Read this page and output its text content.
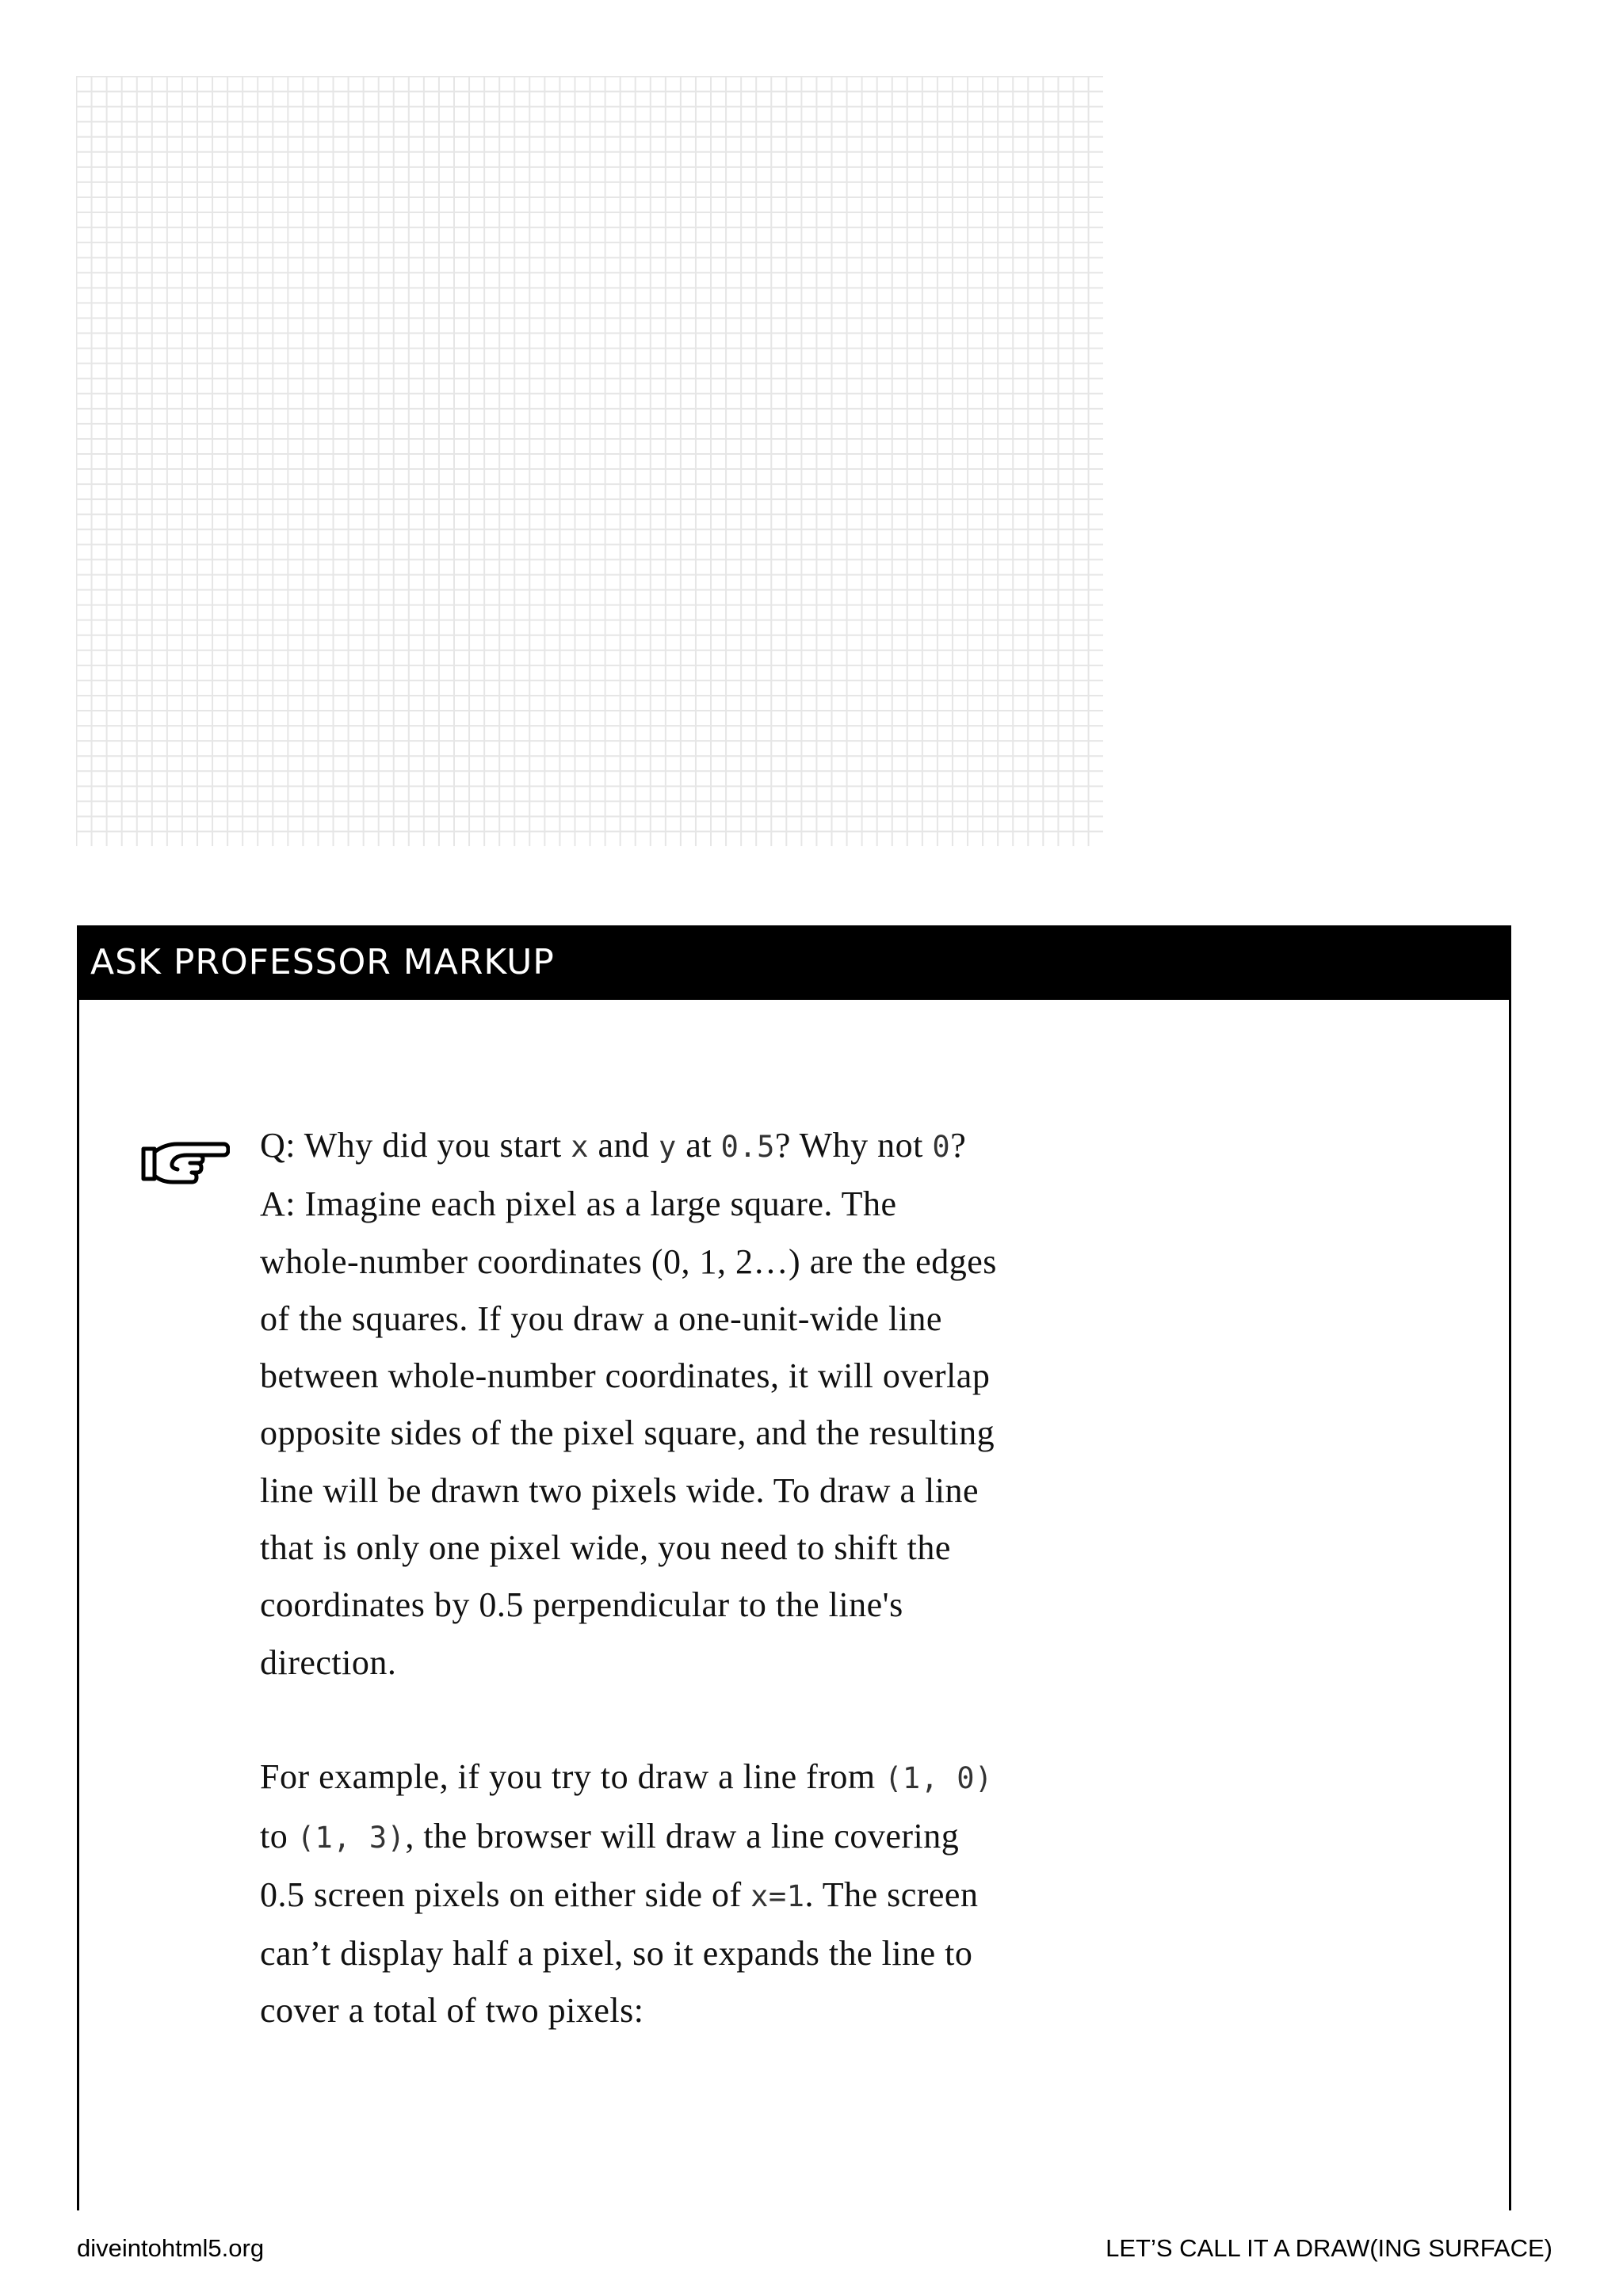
ASK PROFESSOR MARKUP

Q: Why did you start x and y at 0.5? Why not 0?

A: Imagine each pixel as a large square. The whole-number coordinates (0, 1, 2…) are the edges of the squares. If you draw a one-unit-wide line between whole-number coordinates, it will overlap opposite sides of the pixel square, and the resulting line will be drawn two pixels wide. To draw a line that is only one pixel wide, you need to shift the coordinates by 0.5 perpendicular to the line's direction.

For example, if you try to draw a line from (1, 0) to (1, 3), the browser will draw a line covering 0.5 screen pixels on either side of x=1. The screen can’t display half a pixel, so it expands the line to cover a total of two pixels:

diveintohtml5.org	LET’S CALL IT A DRAW(ING SURFACE)
